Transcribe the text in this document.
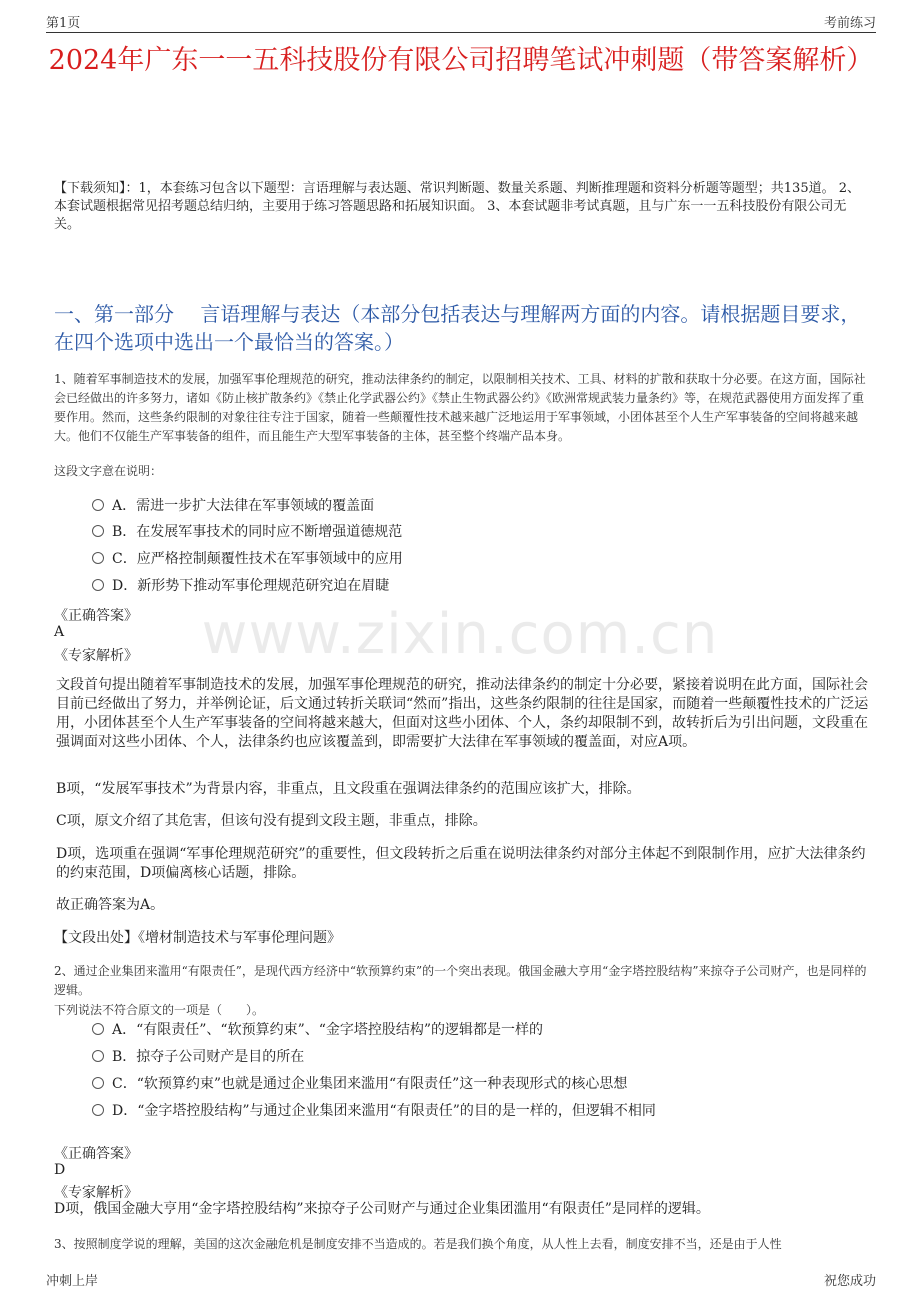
第1页	考前练习
2024年广东一一五科技股份有限公司招聘笔试冲刺题（带答案解析）
【下载须知】：1，本套练习包含以下题型：言语理解与表达题、常识判断题、数量关系题、判断推理题和资料分析题等题型；共135道。 2、本套试题根据常见招考题总结归纳，主要用于练习答题思路和拓展知识面。 3、本套试题非考试真题，且与广东一一五科技股份有限公司无关。
一、第一部分　 言语理解与表达（本部分包括表达与理解两方面的内容。请根据题目要求，在四个选项中选出一个最恰当的答案。）
1、随着军事制造技术的发展，加强军事伦理规范的研究，推动法律条约的制定，以限制相关技术、工具、材料的扩散和获取十分必要。在这方面，国际社会已经做出的许多努力，诸如《防止核扩散条约》《禁止化学武器公约》《禁止生物武器公约》《欧洲常规武装力量条约》等，在规范武器使用方面发挥了重要作用。然而，这些条约限制的对象往往专注于国家，随着一些颠覆性技术越来越广泛地运用于军事领域，小团体甚至个人生产军事装备的空间将越来越大。他们不仅能生产军事装备的组件，而且能生产大型军事装备的主体，甚至整个终端产品本身。
这段文字意在说明：
A．需进一步扩大法律在军事领域的覆盖面
B．在发展军事技术的同时应不断增强道德规范
C．应严格控制颠覆性技术在军事领域中的应用
D．新形势下推动军事伦理规范研究迫在眉睫
《正确答案》
A
《专家解析》
文段首句提出随着军事制造技术的发展，加强军事伦理规范的研究，推动法律条约的制定十分必要，紧接着说明在此方面，国际社会目前已经做出了努力，并举例论证，后文通过转折关联词“然而”指出，这些条约限制的往往是国家，而随着一些颠覆性技术的广泛运用，小团体甚至个人生产军事装备的空间将越来越大，但面对这些小团体、个人，条约却限制不到，故转折后为引出问题，文段重在强调面对这些小团体、个人，法律条约也应该覆盖到，即需要扩大法律在军事领域的覆盖面，对应A项。
B项，“发展军事技术”为背景内容，非重点，且文段重在强调法律条约的范围应该扩大，排除。
C项，原文介绍了其危害，但该句没有提到文段主题，非重点，排除。
D项，选项重在强调“军事伦理规范研究”的重要性，但文段转折之后重在说明法律条约对部分主体起不到限制作用，应扩大法律条约的约束范围，D项偏离核心话题，排除。
故正确答案为A。
【文段出处】《增材制造技术与军事伦理问题》
2、通过企业集团来滥用“有限责任”，是现代西方经济中“软预算约束”的一个突出表现。俄国金融大亨用“金字塔控股结构”来掠夺子公司财产，也是同样的逻辑。
下列说法不符合原文的一项是（　　）。
A．“有限责任”、“软预算约束”、“金字塔控股结构”的逻辑都是一样的
B．掠夺子公司财产是目的所在
C．“软预算约束”也就是通过企业集团来滥用“有限责任”这一种表现形式的核心思想
D．“金字塔控股结构”与通过企业集团来滥用“有限责任”的目的是一样的，但逻辑不相同
《正确答案》
D
《专家解析》
D项，俄国金融大亨用“金字塔控股结构”来掠夺子公司财产与通过企业集团滥用“有限责任”是同样的逻辑。
3、按照制度学说的理解，美国的这次金融危机是制度安排不当造成的。若是我们换个角度，从人性上去看，制度安排不当，还是由于人性
www.zixin.com.cn
冲刺上岸	祝您成功
